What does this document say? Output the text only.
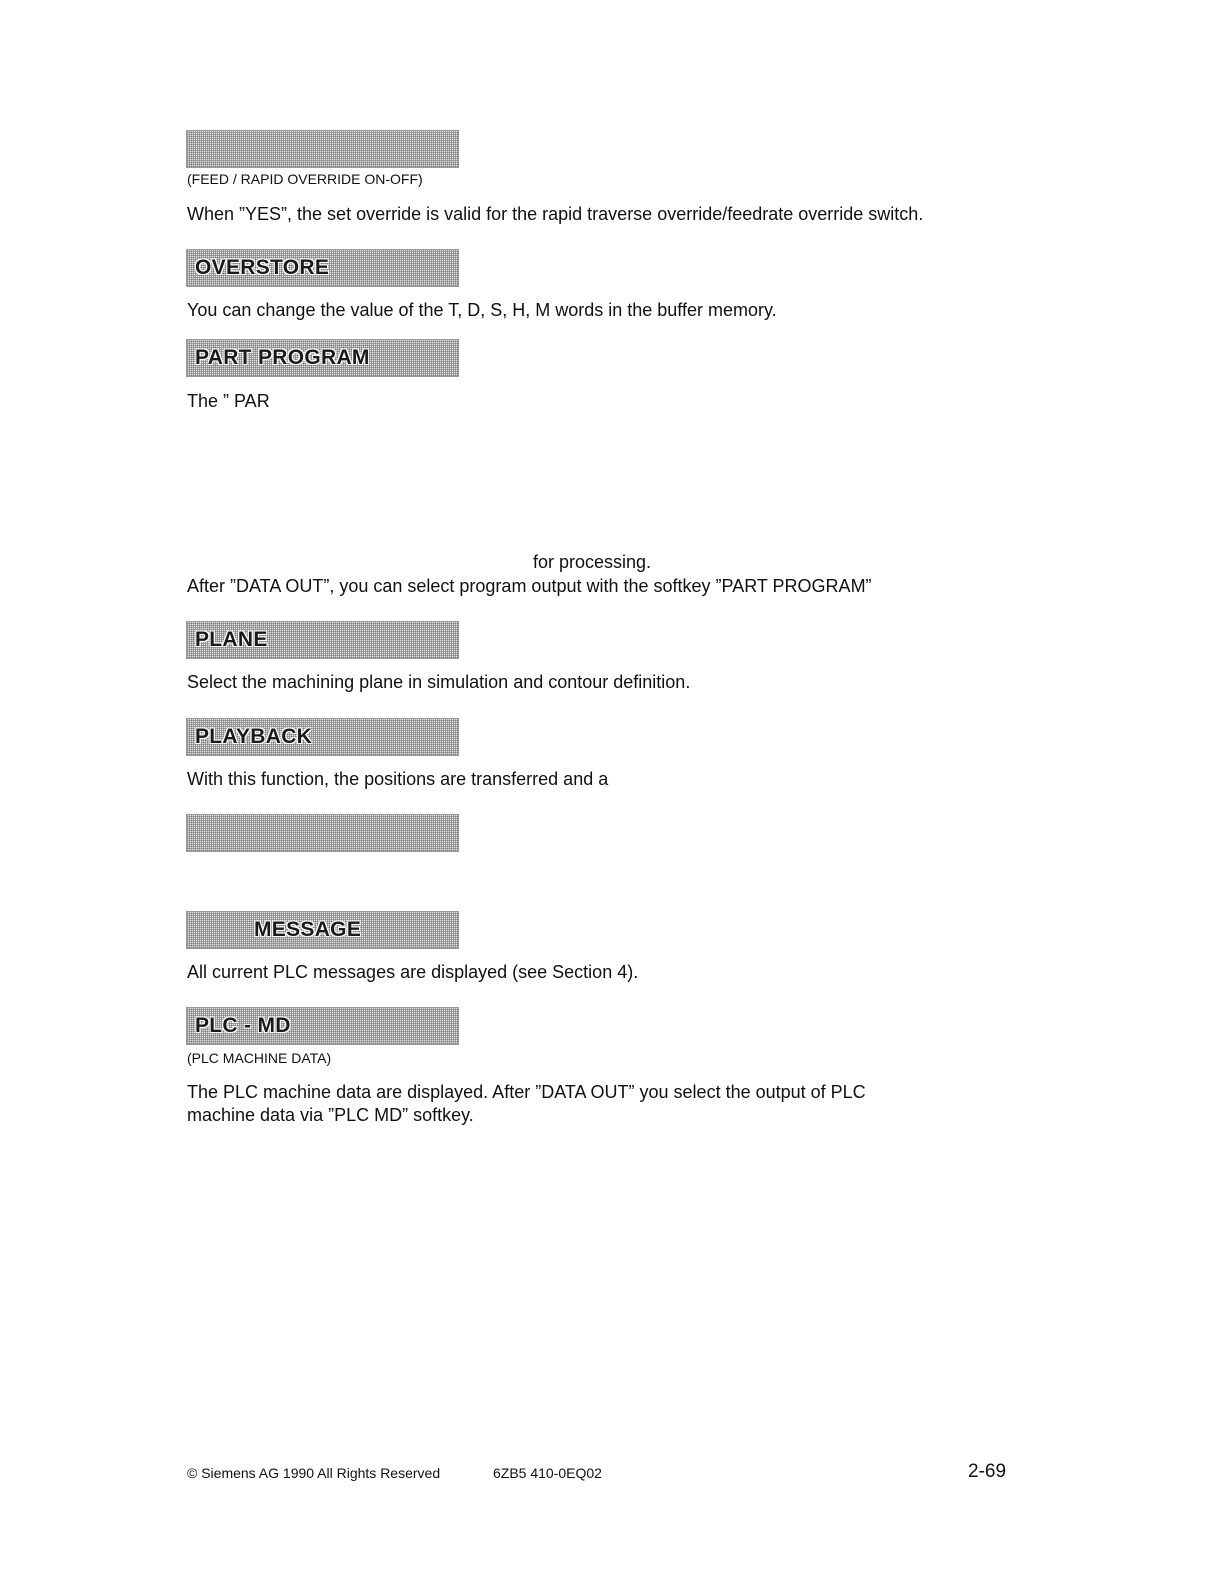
(FEED / RAPID OVERRIDE ON-OFF)
When ”YES”, the set override is valid for the rapid traverse override/feedrate override switch.
OVERSTORE
You can change the value of the T, D, S, H, M words in the buffer memory.
PART PROGRAM
The ” PAR
for processing.
After ”DATA OUT”, you can select program output with the softkey ”PART PROGRAM”
PLANE
Select the machining plane in simulation and contour definition.
PLAYBACK
With this function, the positions are transferred and a
MESSAGE
All current PLC messages are displayed (see Section 4).
PLC - MD
(PLC MACHINE DATA)
The PLC machine data are displayed. After ”DATA OUT” you select the output of PLC
machine data via ”PLC MD” softkey.
© Siemens AG 1990 All Rights Reserved	6ZB5 410-0EQ02	2-69
